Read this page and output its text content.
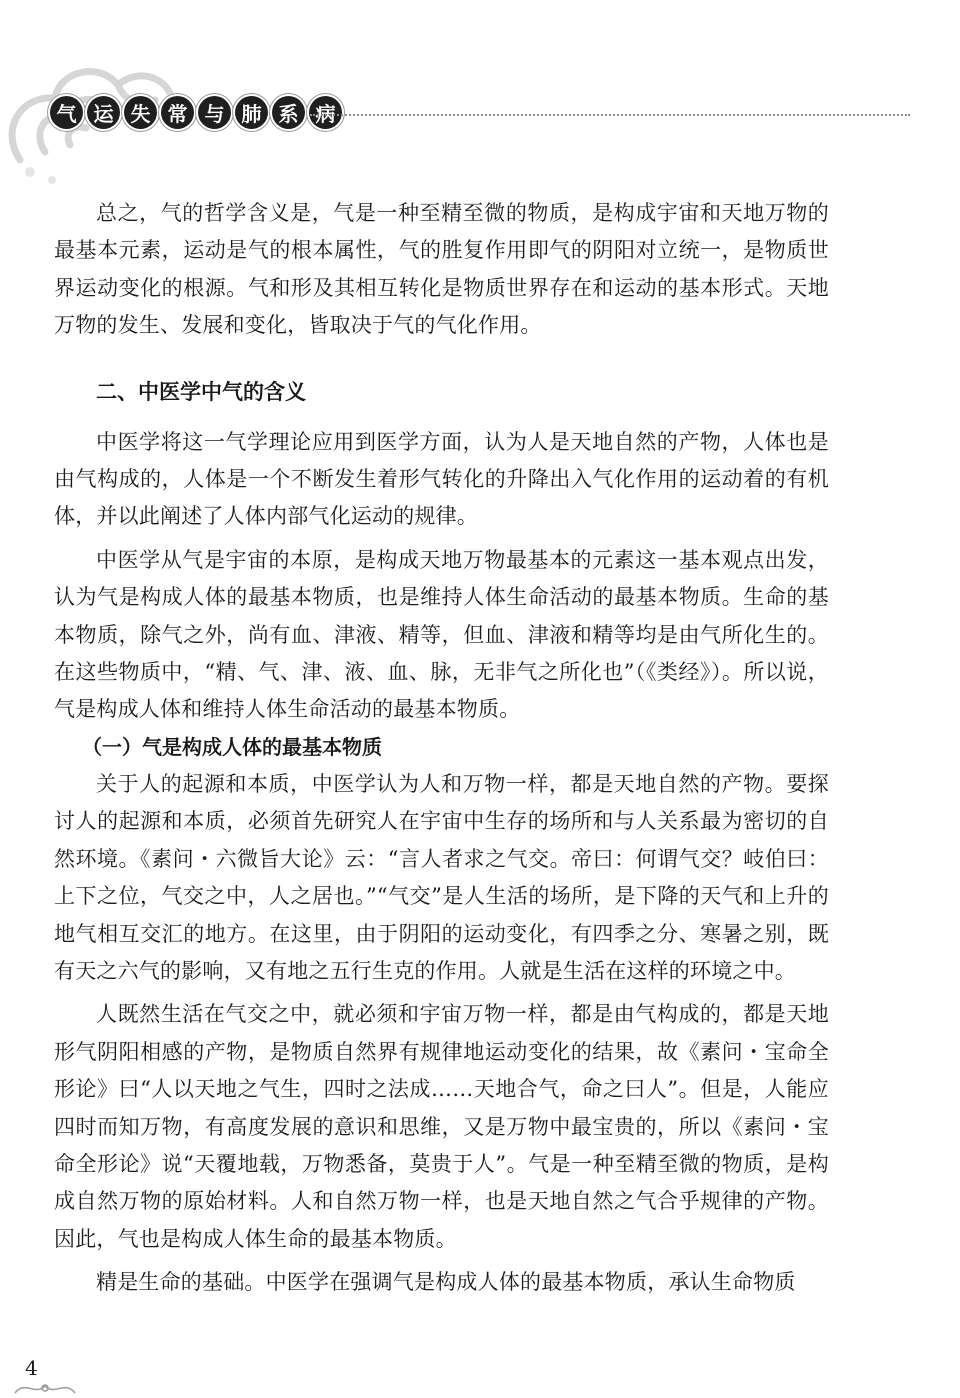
气 运 失 常 与 肺 系 病

总之，气的哲学含义是，气是一种至精至微的物质，是构成宇宙和天地万物的最基本元素，运动是气的根本属性，气的胜复作用即气的阴阳对立统一，是物质世界运动变化的根源。气和形及其相互转化是物质世界存在和运动的基本形式。天地万物的发生、发展和变化，皆取决于气的气化作用。

二、中医学中气的含义

中医学将这一气学理论应用到医学方面，认为人是天地自然的产物，人体也是由气构成的，人体是一个不断发生着形气转化的升降出入气化作用的运动着的有机体，并以此阐述了人体内部气化运动的规律。

中医学从气是宇宙的本原，是构成天地万物最基本的元素这一基本观点出发，认为气是构成人体的最基本物质，也是维持人体生命活动的最基本物质。生命的基本物质，除气之外，尚有血、津液、精等，但血、津液和精等均是由气所化生的。在这些物质中，“精、气、津、液、血、脉，无非气之所化也”（《类经》）。所以说，气是构成人体和维持人体生命活动的最基本物质。

（一）气是构成人体的最基本物质

关于人的起源和本质，中医学认为人和万物一样，都是天地自然的产物。要探讨人的起源和本质，必须首先研究人在宇宙中生存的场所和与人关系最为密切的自然环境。《素问・六微旨大论》云：“言人者求之气交。帝曰：何谓气交？岐伯曰：上下之位，气交之中，人之居也。”“气交”是人生活的场所，是下降的天气和上升的地气相互交汇的地方。在这里，由于阴阳的运动变化，有四季之分、寒暑之别，既有天之六气的影响，又有地之五行生克的作用。人就是生活在这样的环境之中。

人既然生活在气交之中，就必须和宇宙万物一样，都是由气构成的，都是天地形气阴阳相感的产物，是物质自然界有规律地运动变化的结果，故《素问・宝命全形论》曰“人以天地之气生，四时之法成……天地合气，命之曰人”。但是，人能应四时而知万物，有高度发展的意识和思维，又是万物中最宝贵的，所以《素问・宝命全形论》说“天覆地载，万物悉备，莫贵于人”。气是一种至精至微的物质，是构成自然万物的原始材料。人和自然万物一样，也是天地自然之气合乎规律的产物。因此，气也是构成人体生命的最基本物质。

精是生命的基础。中医学在强调气是构成人体的最基本物质，承认生命物质

4
